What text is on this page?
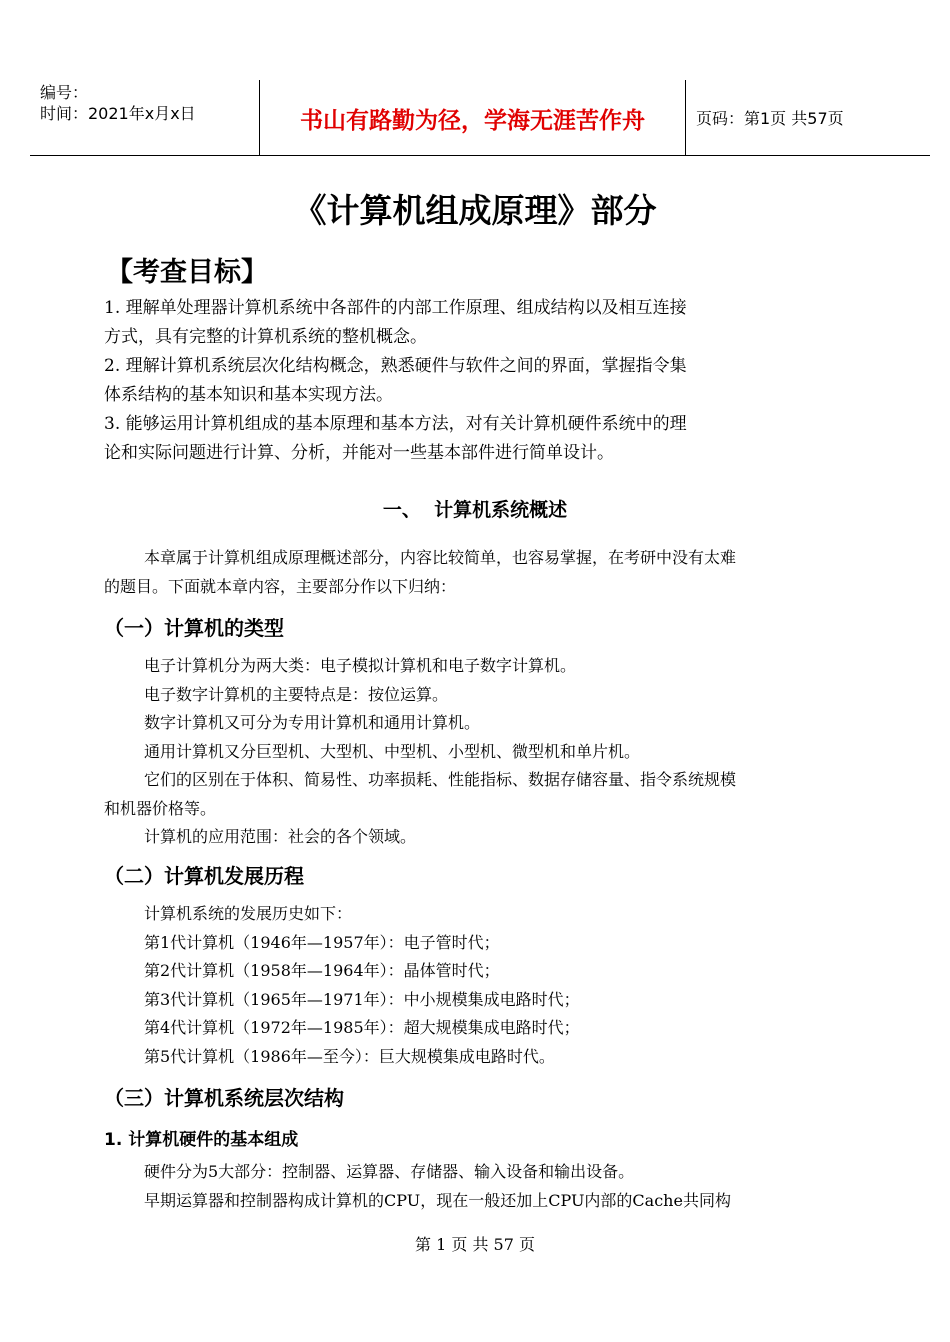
编号：
时间：2021年x月x日	书山有路勤为径，学海无涯苦作舟	页码：第1页 共57页
《计算机组成原理》部分
【考查目标】

1. 理解单处理器计算机系统中各部件的内部工作原理、组成结构以及相互连接

方式，具有完整的计算机系统的整机概念。

2. 理解计算机系统层次化结构概念，熟悉硬件与软件之间的界面，掌握指令集

体系结构的基本知识和基本实现方法。

3. 能够运用计算机组成的基本原理和基本方法，对有关计算机硬件系统中的理

论和实际问题进行计算、分析，并能对一些基本部件进行简单设计。

一、  计算机系统概述

本章属于计算机组成原理概述部分，内容比较简单，也容易掌握，在考研中没有太难

的题目。下面就本章内容，主要部分作以下归纳：

（一）计算机的类型

电子计算机分为两大类：电子模拟计算机和电子数字计算机。

电子数字计算机的主要特点是：按位运算。

数字计算机又可分为专用计算机和通用计算机。

通用计算机又分巨型机、大型机、中型机、小型机、微型机和单片机。

它们的区别在于体积、简易性、功率损耗、性能指标、数据存储容量、指令系统规模

和机器价格等。

计算机的应用范围：社会的各个领域。

（二）计算机发展历程

计算机系统的发展历史如下：

第1代计算机（1946年—1957年）：电子管时代；

第2代计算机（1958年—1964年）：晶体管时代；

第3代计算机（1965年—1971年）：中小规模集成电路时代；

第4代计算机（1972年—1985年）：超大规模集成电路时代；

第5代计算机（1986年—至今）：巨大规模集成电路时代。

（三）计算机系统层次结构
1. 计算机硬件的基本组成

硬件分为5大部分：控制器、运算器、存储器、输入设备和输出设备。

早期运算器和控制器构成计算机的CPU，现在一般还加上CPU内部的Cache共同构

第 1 页 共 57 页
